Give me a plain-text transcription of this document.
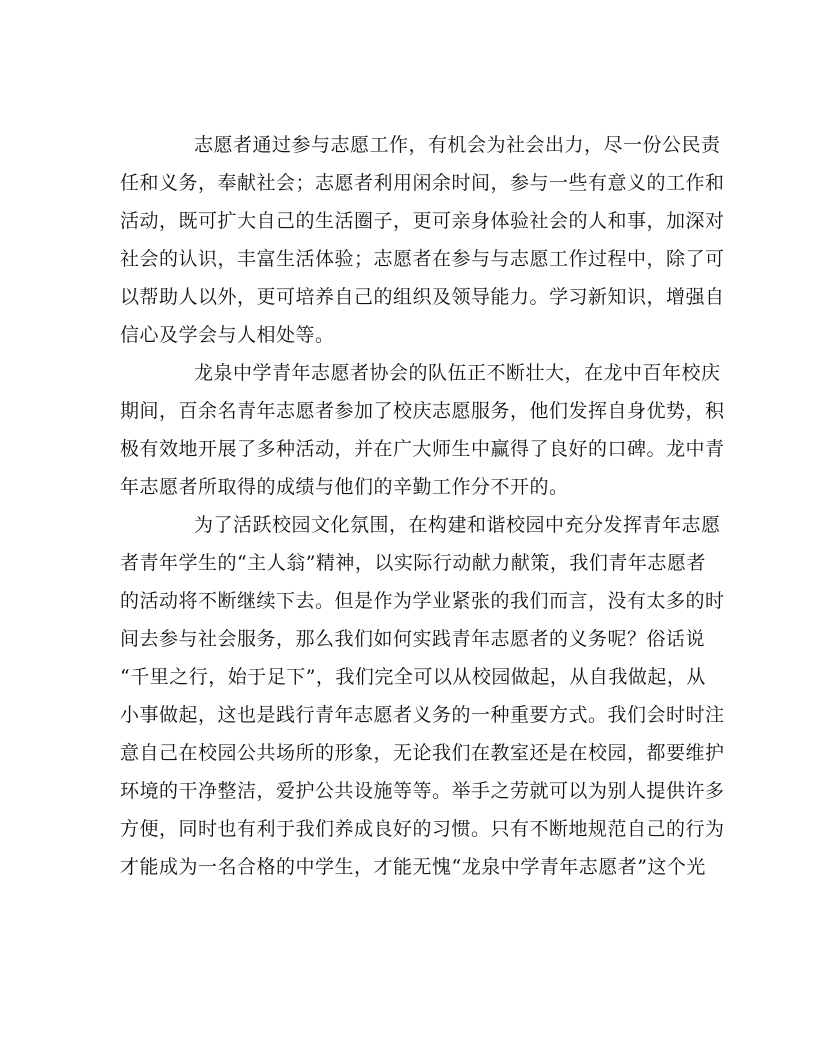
志愿者通过参与志愿工作，有机会为社会出力，尽一份公民责
任和义务，奉献社会；志愿者利用闲余时间，参与一些有意义的工作和
活动，既可扩大自己的生活圈子，更可亲身体验社会的人和事，加深对
社会的认识，丰富生活体验；志愿者在参与与志愿工作过程中，除了可
以帮助人以外，更可培养自己的组织及领导能力。学习新知识，增强自
信心及学会与人相处等。
龙泉中学青年志愿者协会的队伍正不断壮大，在龙中百年校庆
期间，百余名青年志愿者参加了校庆志愿服务，他们发挥自身优势，积
极有效地开展了多种活动，并在广大师生中赢得了良好的口碑。龙中青
年志愿者所取得的成绩与他们的辛勤工作分不开的。
为了活跃校园文化氛围，在构建和谐校园中充分发挥青年志愿
者青年学生的“主人翁”精神，以实际行动献力献策，我们青年志愿者
的活动将不断继续下去。但是作为学业紧张的我们而言，没有太多的时
间去参与社会服务，那么我们如何实践青年志愿者的义务呢？俗话说
“千里之行，始于足下”，我们完全可以从校园做起，从自我做起，从
小事做起，这也是践行青年志愿者义务的一种重要方式。我们会时时注
意自己在校园公共场所的形象，无论我们在教室还是在校园，都要维护
环境的干净整洁，爱护公共设施等等。举手之劳就可以为别人提供许多
方便，同时也有利于我们养成良好的习惯。只有不断地规范自己的行为
才能成为一名合格的中学生，才能无愧“龙泉中学青年志愿者”这个光
